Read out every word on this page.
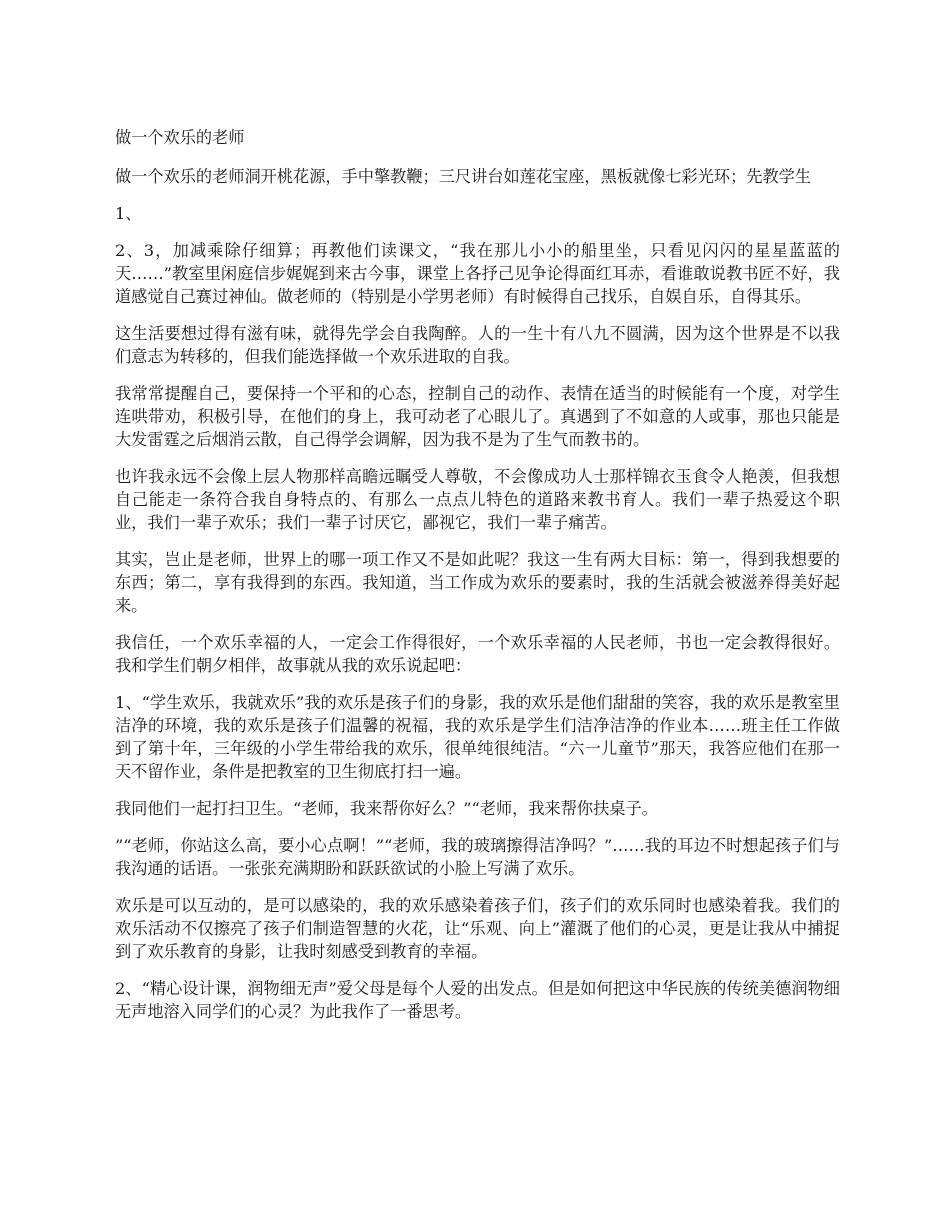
做一个欢乐的老师

做一个欢乐的老师洞开桃花源，手中擎教鞭；三尺讲台如莲花宝座，黑板就像七彩光环；先教学生

1、

2、3，加减乘除仔细算；再教他们读课文，“我在那儿小小的船里坐，只看见闪闪的星星蓝蓝的天……”教室里闲庭信步娓娓到来古今事，课堂上各抒己见争论得面红耳赤，看谁敢说教书匠不好，我道感觉自己赛过神仙。做老师的（特别是小学男老师）有时候得自己找乐，自娱自乐，自得其乐。

这生活要想过得有滋有味，就得先学会自我陶醉。人的一生十有八九不圆满，因为这个世界是不以我们意志为转移的，但我们能选择做一个欢乐进取的自我。

我常常提醒自己，要保持一个平和的心态，控制自己的动作、表情在适当的时候能有一个度，对学生连哄带劝，积极引导，在他们的身上，我可动老了心眼儿了。真遇到了不如意的人或事，那也只能是大发雷霆之后烟消云散，自己得学会调解，因为我不是为了生气而教书的。

也许我永远不会像上层人物那样高瞻远瞩受人尊敬，不会像成功人士那样锦衣玉食令人艳羡，但我想自己能走一条符合我自身特点的、有那么一点点儿特色的道路来教书育人。我们一辈子热爱这个职业，我们一辈子欢乐；我们一辈子讨厌它，鄙视它，我们一辈子痛苦。

其实，岂止是老师，世界上的哪一项工作又不是如此呢？我这一生有两大目标：第一，得到我想要的东西；第二，享有我得到的东西。我知道，当工作成为欢乐的要素时，我的生活就会被滋养得美好起来。

我信任，一个欢乐幸福的人，一定会工作得很好，一个欢乐幸福的人民老师，书也一定会教得很好。我和学生们朝夕相伴，故事就从我的欢乐说起吧：

1、“学生欢乐，我就欢乐”我的欢乐是孩子们的身影，我的欢乐是他们甜甜的笑容，我的欢乐是教室里洁净的环境，我的欢乐是孩子们温馨的祝福，我的欢乐是学生们洁净洁净的作业本……班主任工作做到了第十年，三年级的小学生带给我的欢乐，很单纯很纯洁。“六一儿童节”那天，我答应他们在那一天不留作业，条件是把教室的卫生彻底打扫一遍。

我同他们一起打扫卫生。“老师，我来帮你好么？”“老师，我来帮你扶桌子。

”“老师，你站这么高，要小心点啊！”“老师，我的玻璃擦得洁净吗？”……我的耳边不时想起孩子们与我沟通的话语。一张张充满期盼和跃跃欲试的小脸上写满了欢乐。

欢乐是可以互动的，是可以感染的，我的欢乐感染着孩子们，孩子们的欢乐同时也感染着我。我们的欢乐活动不仅擦亮了孩子们制造智慧的火花，让“乐观、向上”灌溉了他们的心灵，更是让我从中捕捉到了欢乐教育的身影，让我时刻感受到教育的幸福。

2、“精心设计课，润物细无声”爱父母是每个人爱的出发点。但是如何把这中华民族的传统美德润物细无声地溶入同学们的心灵？为此我作了一番思考。
